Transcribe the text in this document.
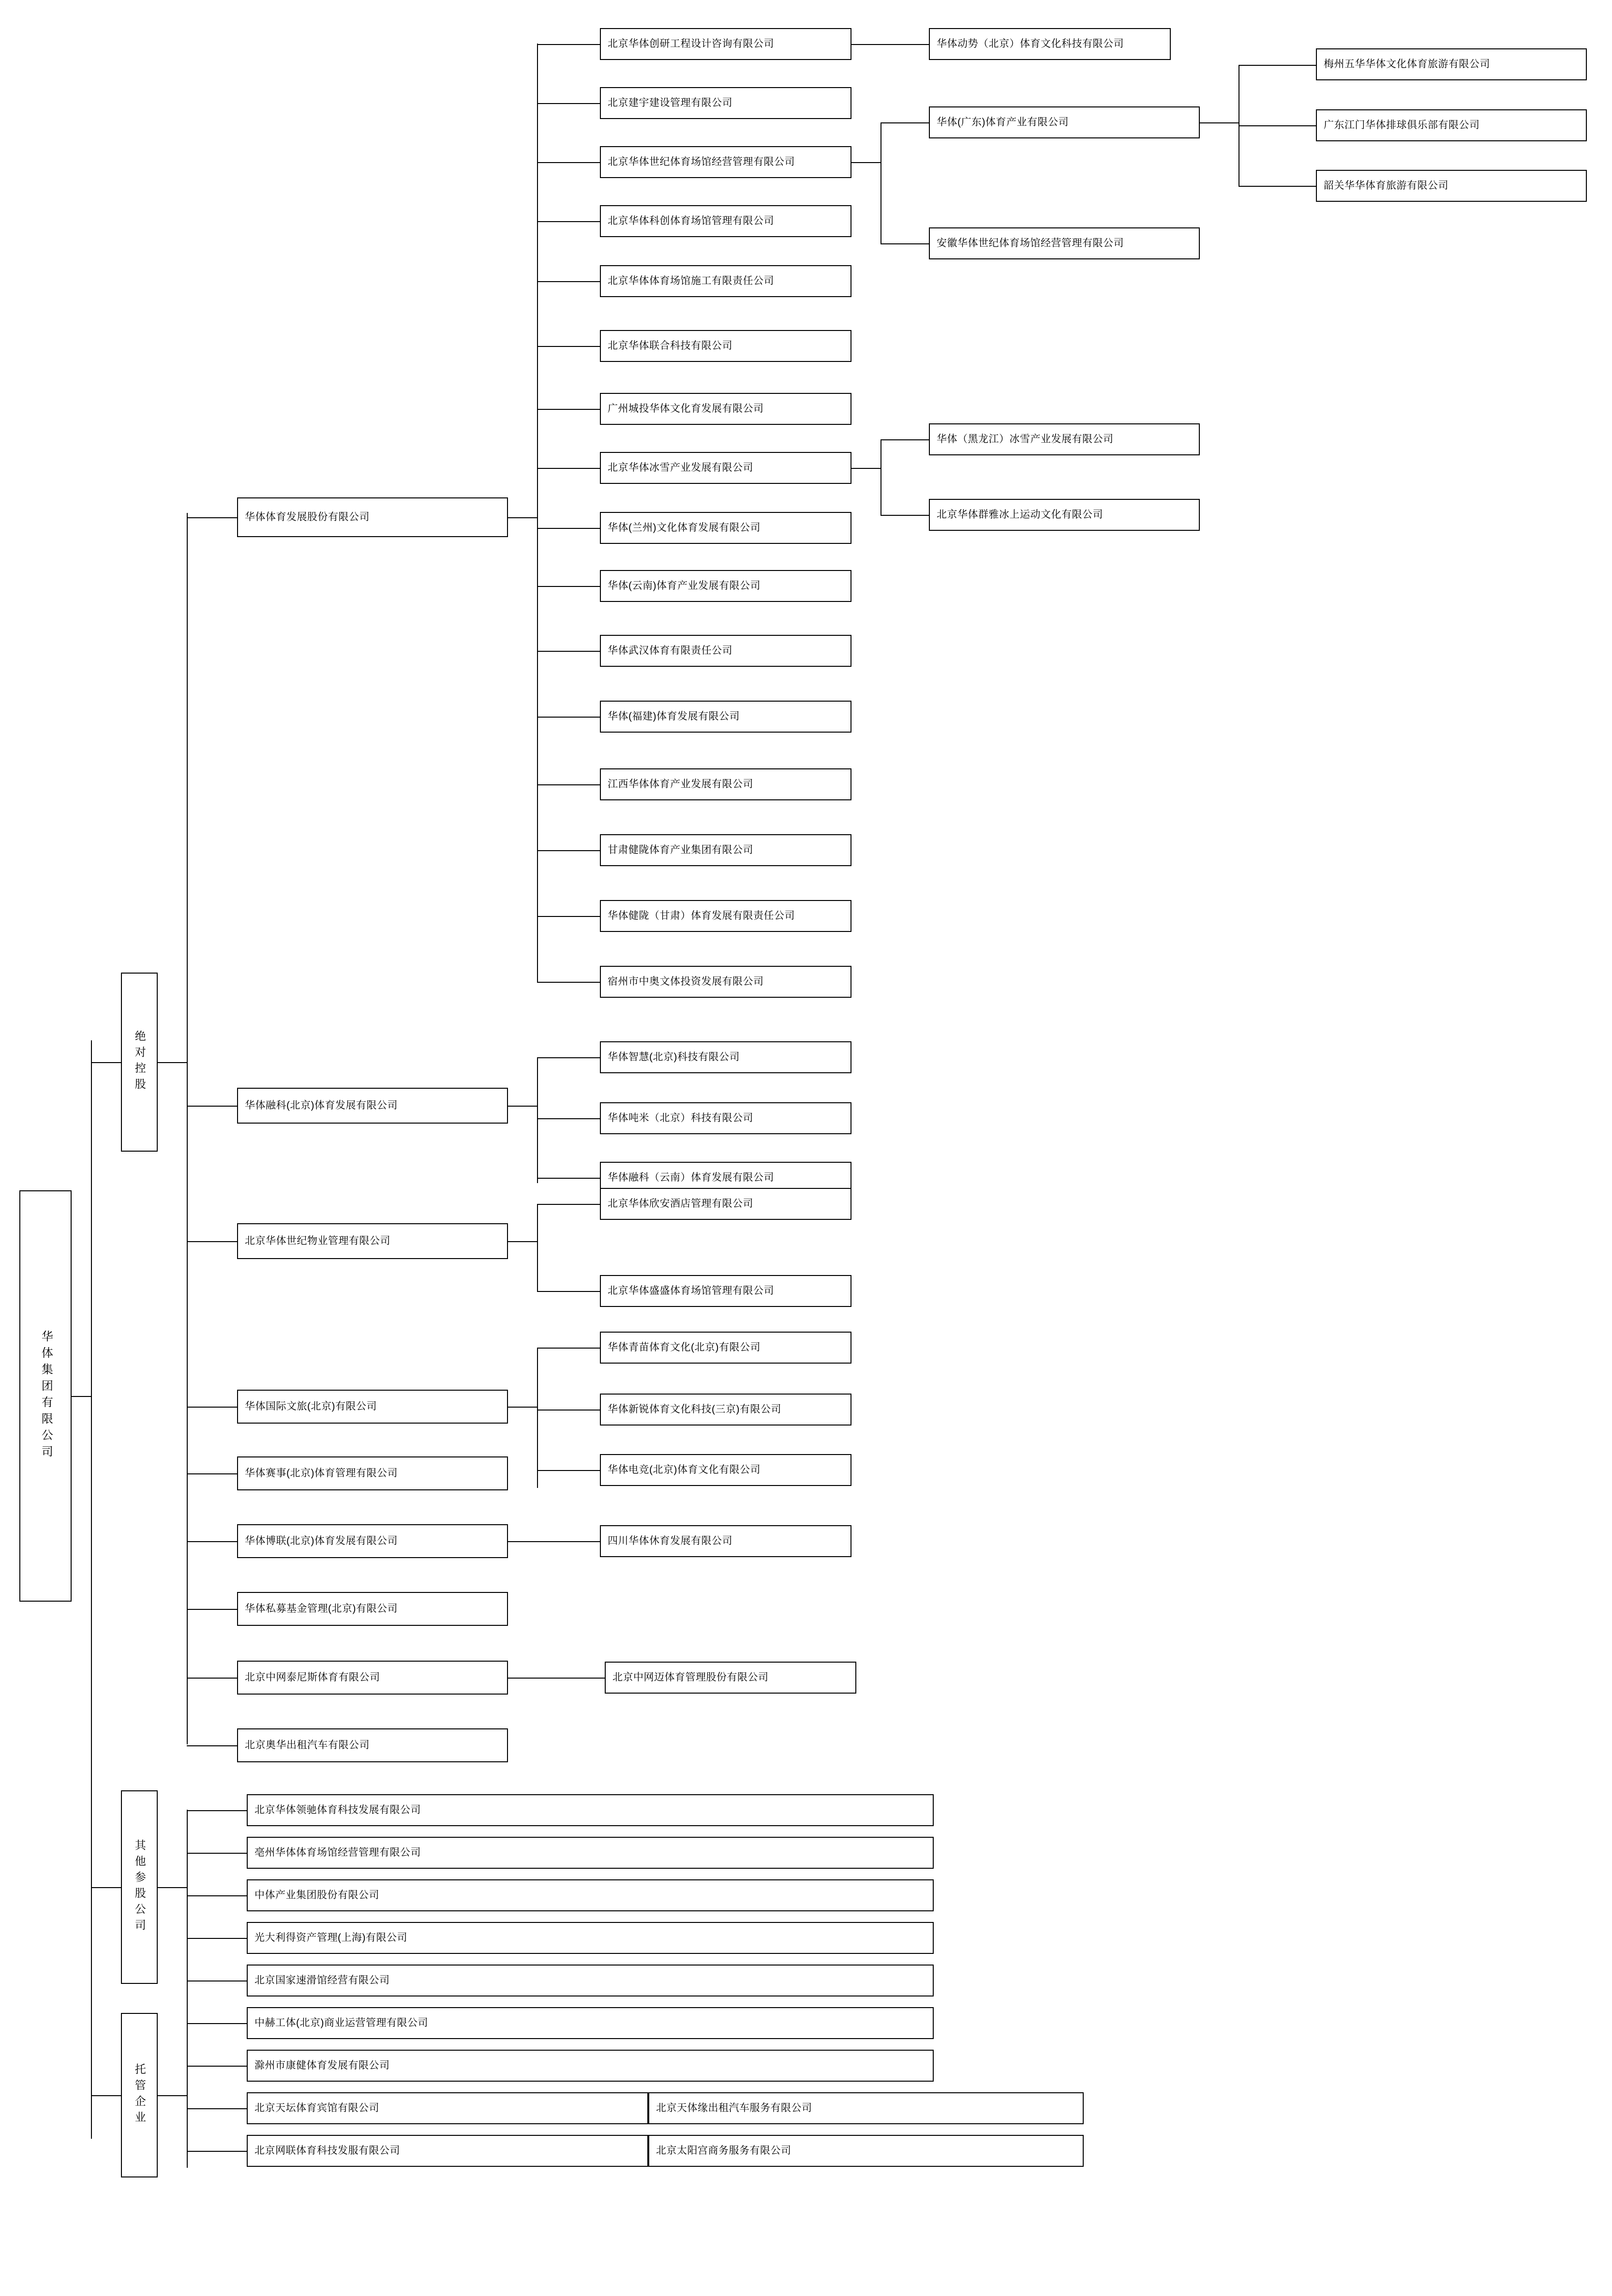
华体集团有限公司
绝对控股
其他参股公司
托管企业
华体体育发展股份有限公司
华体融科(北京)体育发展有限公司
北京华体世纪物业管理有限公司
华体国际文旅(北京)有限公司
华体赛事(北京)体育管理有限公司
华体博联(北京)体育发展有限公司
华体私募基金管理(北京)有限公司
北京中网泰尼斯体育有限公司
北京奧华出租汽车有限公司
北京华体创研工程设计咨询有限公司
北京建宇建设管理有限公司
北京华体世纪体育场馆经营管理有限公司
北京华体科创体育场馆管理有限公司
北京华体体育场馆施工有限责任公司
北京华体联合科技有限公司
广州城投华体文化育发展有限公司
北京华体冰雪产业发展有限公司
华体(兰州)文化体育发展有限公司
华体(云南)体育产业发展有限公司
华体武汉体育有限责任公司
华体(福建)体育发展有限公司
江西华体体育产业发展有限公司
甘肃健陇体育产业集团有限公司
华体健陇（甘肃）体育发展有限责任公司
宿州市中奥文体投资发展有限公司
华体动势（北京）体育文化科技有限公司
华体(广东)体育产业有限公司
安徽华体世纪体育场馆经营管理有限公司
梅州五华华体文化体育旅游有限公司
广东江门华体排球俱乐部有限公司
韶关华华体育旅游有限公司
华体（黑龙江）冰雪产业发展有限公司
北京华体群雅冰上运动文化有限公司
华体智慧(北京)科技有限公司
华体吨米（北京）科技有限公司
华体融科（云南）体育发展有限公司
北京华体欣安酒店管理有限公司
北京华体盛盛体育场馆管理有限公司
华体青苗体育文化(北京)有限公司
华体新锐体育文化科技(三京)有限公司
华体电竞(北京)体育文化有限公司
四川华体休育发展有限公司
北京中网迈体育管理股份有限公司
北京华体领驰体育科技发展有限公司
亳州华体体育场馆经营管理有限公司
中体产业集团股份有限公司
光大利得资产管理(上海)有限公司
北京国家速滑馆经营有限公司
中赫工体(北京)商业运营管理有限公司
滁州市康健体育发展有限公司
北京天坛体育宾馆有限公司
北京网联体育科技发服有限公司
北京天体缘出租汽车服务有限公司
北京太阳宫商务服务有限公司
